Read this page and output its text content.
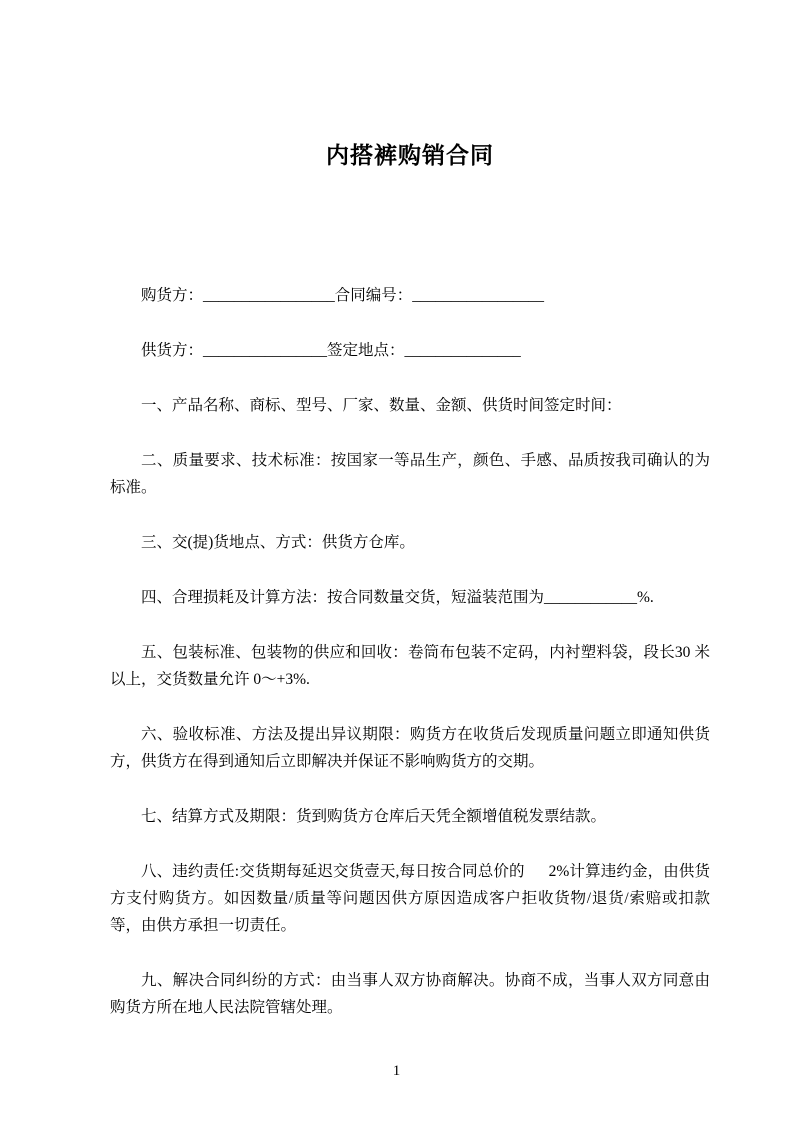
内搭裤购销合同

购货方：_________________合同编号：_________________

供货方：________________签定地点：_______________

一、产品名称、商标、型号、厂家、数量、金额、供货时间签定时间：

二、质量要求、技术标准：按国家一等品生产，颜色、手感、品质按我司确认的为标准。

三、交(提)货地点、方式：供货方仓库。

四、合理损耗及计算方法：按合同数量交货，短溢装范围为____________%.

五、包装标准、包装物的供应和回收：卷筒布包装不定码，内衬塑料袋，段长30 米以上，交货数量允许 0～+3%.

六、验收标准、方法及提出异议期限：购货方在收货后发现质量问题立即通知供货方，供货方在得到通知后立即解决并保证不影响购货方的交期。

七、结算方式及期限：货到购货方仓库后天凭全额增值税发票结款。

八、违约责任:交货期每延迟交货壹天,每日按合同总价的      2%计算违约金，由供货方支付购货方。如因数量/质量等问题因供方原因造成客户拒收货物/退货/索赔或扣款等，由供方承担一切责任。

九、解决合同纠纷的方式：由当事人双方协商解决。协商不成，当事人双方同意由购货方所在地人民法院管辖处理。

1
